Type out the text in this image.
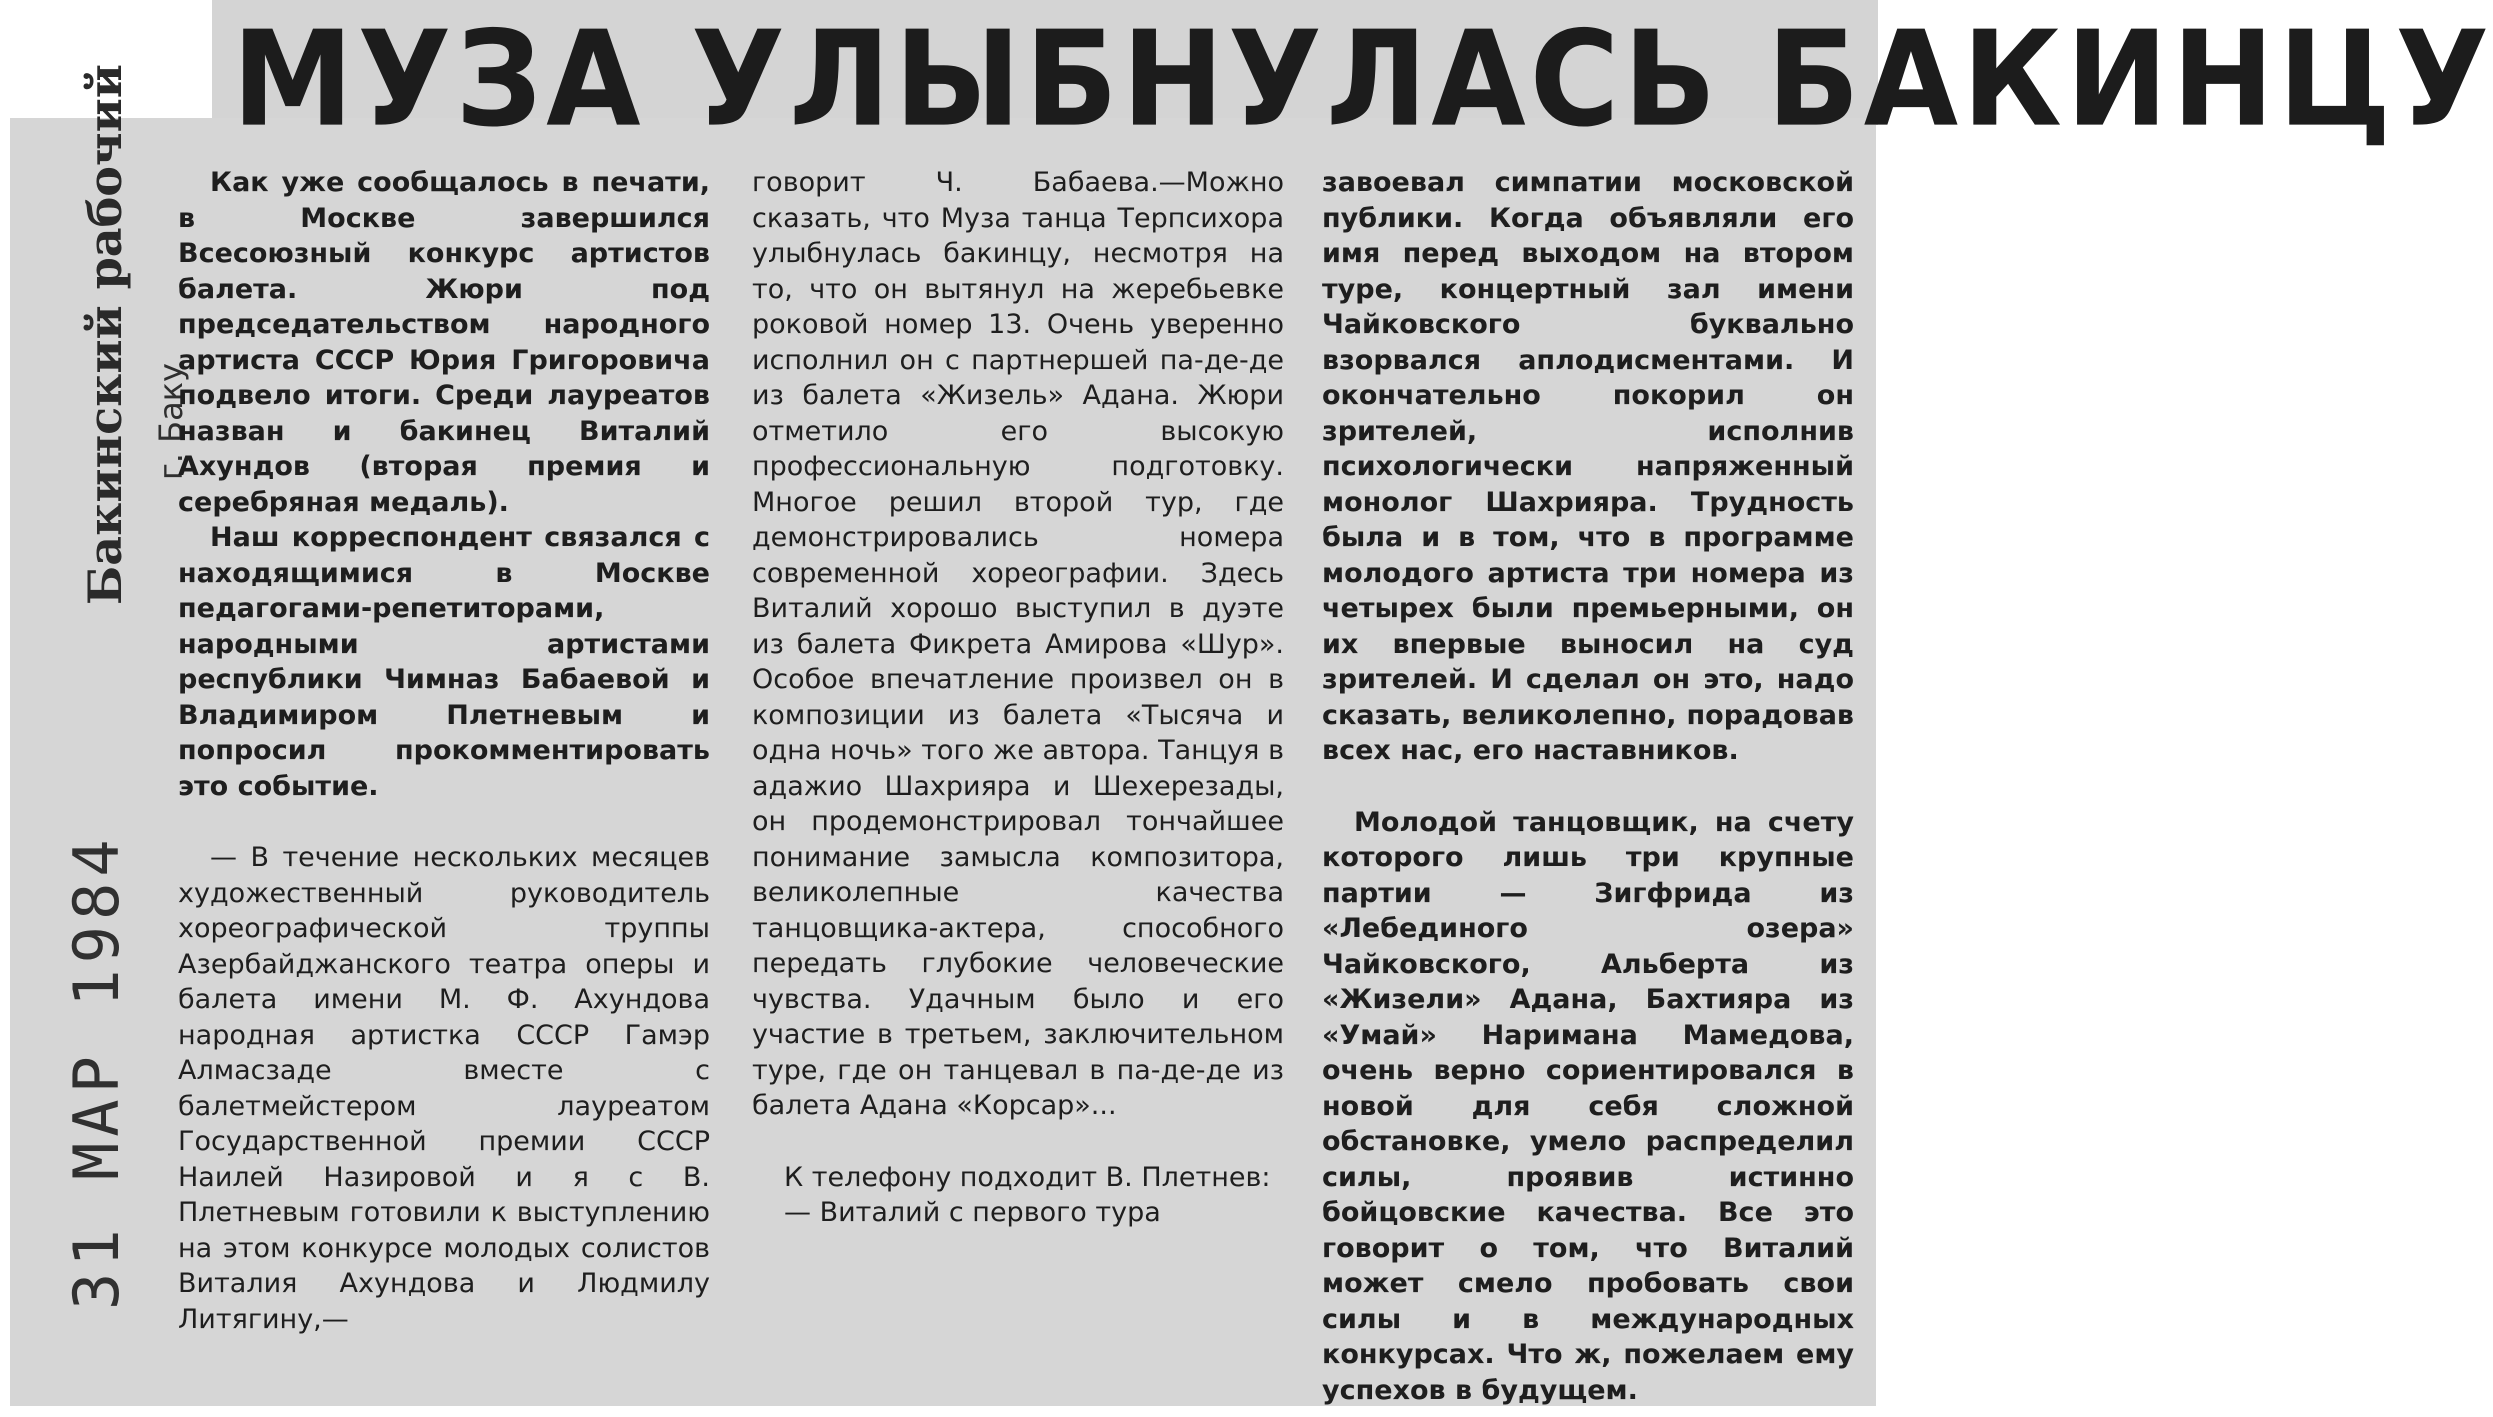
МУЗА УЛЫБНУЛАСЬ БАКИНЦУ
Бакинский рабочий г. Баку
31 МАР 1984

Как уже сообщалось в печати, в Москве завершился Всесоюзный конкурс артистов балета. Жюри под председательством народного артиста СССР Юрия Григоровича подвело итоги. Среди лауреатов назван и бакинец Виталий Ахундов (вторая премия и серебряная медаль).

Наш корреспондент связался с находящимися в Москве педагогами-репетиторами, народными артистами республики Чимназ Бабаевой и Владимиром Плетневым и попросил прокомментировать это событие.

— В течение нескольких месяцев художественный руководитель хореографической труппы Азербайджанского театра оперы и балета имени М. Ф. Ахундова народная артистка СССР Гамэр Алмасзаде вместе с балетмейстером лауреатом Государственной премии СССР Наилей Назировой и я с В. Плетневым готовили к выступлению на этом конкурсе молодых солистов Виталия Ахундова и Людмилу Литягину,—

говорит Ч. Бабаева.—Можно сказать, что Муза танца Терпсихора улыбнулась бакинцу, несмотря на то, что он вытянул на жеребьевке роковой номер 13. Очень уверенно исполнил он с партнершей па-де-де из балета «Жизель» Адана. Жюри отметило его высокую профессиональную подготовку. Многое решил второй тур, где демонстрировались номера современной хореографии. Здесь Виталий хорошо выступил в дуэте из балета Фикрета Амирова «Шур». Особое впечатление произвел он в композиции из балета «Тысяча и одна ночь» того же автора. Танцуя в адажио Шахрияра и Шехерезады, он продемонстрировал тончайшее понимание замысла композитора, великолепные качества танцовщика-актера, способного передать глубокие человеческие чувства. Удачным было и его участие в третьем, заключительном туре, где он танцевал в па-де-де из балета Адана «Корсар»...

К телефону подходит В. Плетнев:

— Виталий с первого тура

завоевал симпатии московской публики. Когда объявляли его имя перед выходом на втором туре, концертный зал имени Чайковского буквально взорвался аплодисментами. И окончательно покорил он зрителей, исполнив психологически напряженный монолог Шахрияра. Трудность была и в том, что в программе молодого артиста три номера из четырех были премьерными, он их впервые выносил на суд зрителей. И сделал он это, надо сказать, великолепно, порадовав всех нас, его наставников.

Молодой танцовщик, на счету которого лишь три крупные партии — Зигфрида из «Лебединого озера» Чайковского, Альберта из «Жизели» Адана, Бахтияра из «Умай» Наримана Мамедова, очень верно сориентировался в новой для себя сложной обстановке, умело распределил силы, проявив истинно бойцовские качества. Все это говорит о том, что Виталий может смело пробовать свои силы и в международных конкурсах. Что ж, пожелаем ему успехов в будущем.
